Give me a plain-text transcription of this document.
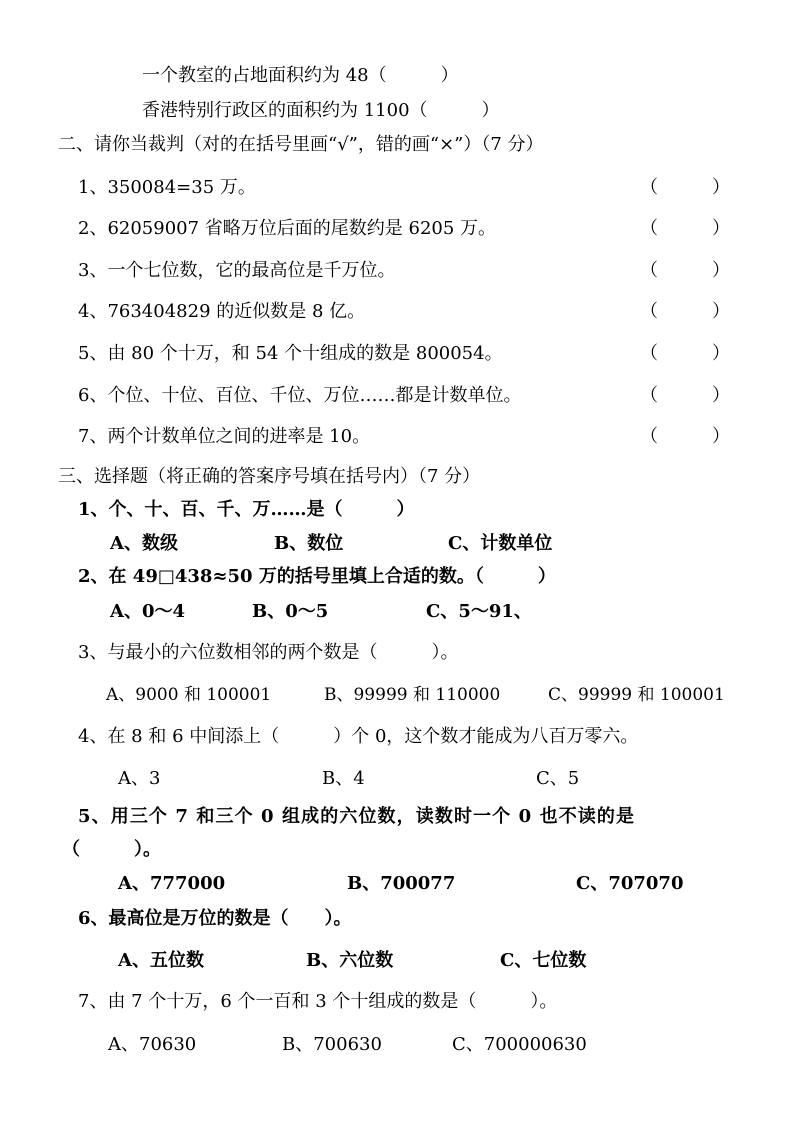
一个教室的占地面积约为 48（　　　）
香港特别行政区的面积约为 1100（　　　）
二、请你当裁判（对的在括号里画“√”，错的画“×”）（7 分）
1、350084=35 万。	（　　　）
2、62059007 省略万位后面的尾数约是 6205 万。	（　　　）
3、一个七位数，它的最高位是千万位。	（　　　）
4、763404829 的近似数是 8 亿。	（　　　）
5、由 80 个十万，和 54 个十组成的数是 800054。	（　　　）
6、个位、十位、百位、千位、万位……都是计数单位。	（　　　）
7、两个计数单位之间的进率是 10。	（　　　）
三、选择题（将正确的答案序号填在括号内）（7 分）
1、个、十、百、千、万……是（　　　）
A、数级	B、数位	C、计数单位
2、在 49□438≈50 万的括号里填上合适的数。（　　　）
A、0～4	B、0～5	C、5～91、
3、与最小的六位数相邻的两个数是（　　　）。
A、9000 和 100001	B、99999 和 110000	C、99999 和 100001
4、在 8 和 6 中间添上（　　　）个 0，这个数才能成为八百万零六。
A、3	B、4	C、5
5、用三个 7 和三个 0 组成的六位数，读数时一个 0 也不读的是
（　　　）。
A、777000	B、700077	C、707070
6、最高位是万位的数是（　　）。
A、五位数	B、六位数	C、七位数
7、由 7 个十万，6 个一百和 3 个十组成的数是（　　　）。
A、70630	B、700630	C、700000630
